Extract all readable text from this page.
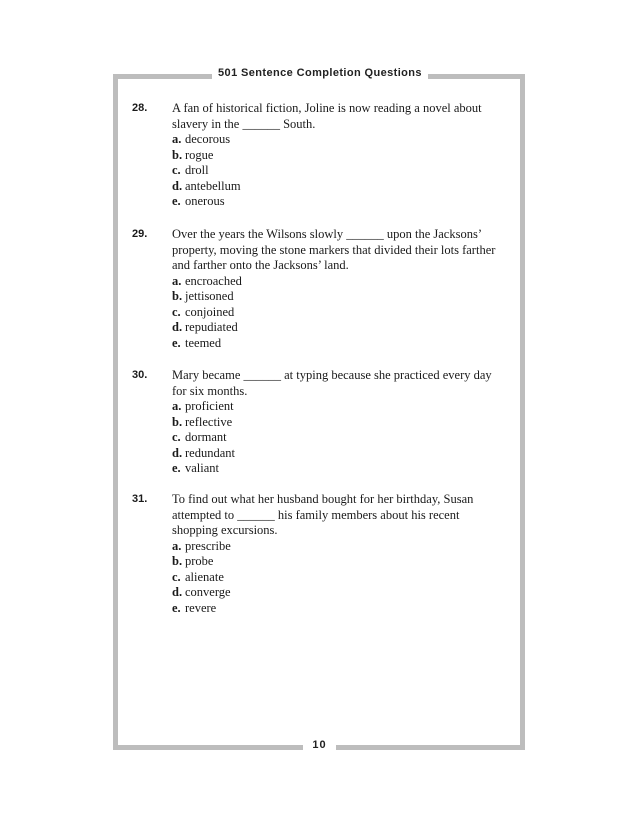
501 Sentence Completion Questions
28. A fan of historical fiction, Joline is now reading a novel about slavery in the ______ South.
a. decorous
b. rogue
c. droll
d. antebellum
e. onerous
29. Over the years the Wilsons slowly ______ upon the Jacksons’ property, moving the stone markers that divided their lots farther and farther onto the Jacksons’ land.
a. encroached
b. jettisoned
c. conjoined
d. repudiated
e. teemed
30. Mary became ______ at typing because she practiced every day for six months.
a. proficient
b. reflective
c. dormant
d. redundant
e. valiant
31. To find out what her husband bought for her birthday, Susan attempted to ______ his family members about his recent shopping excursions.
a. prescribe
b. probe
c. alienate
d. converge
e. revere
10
